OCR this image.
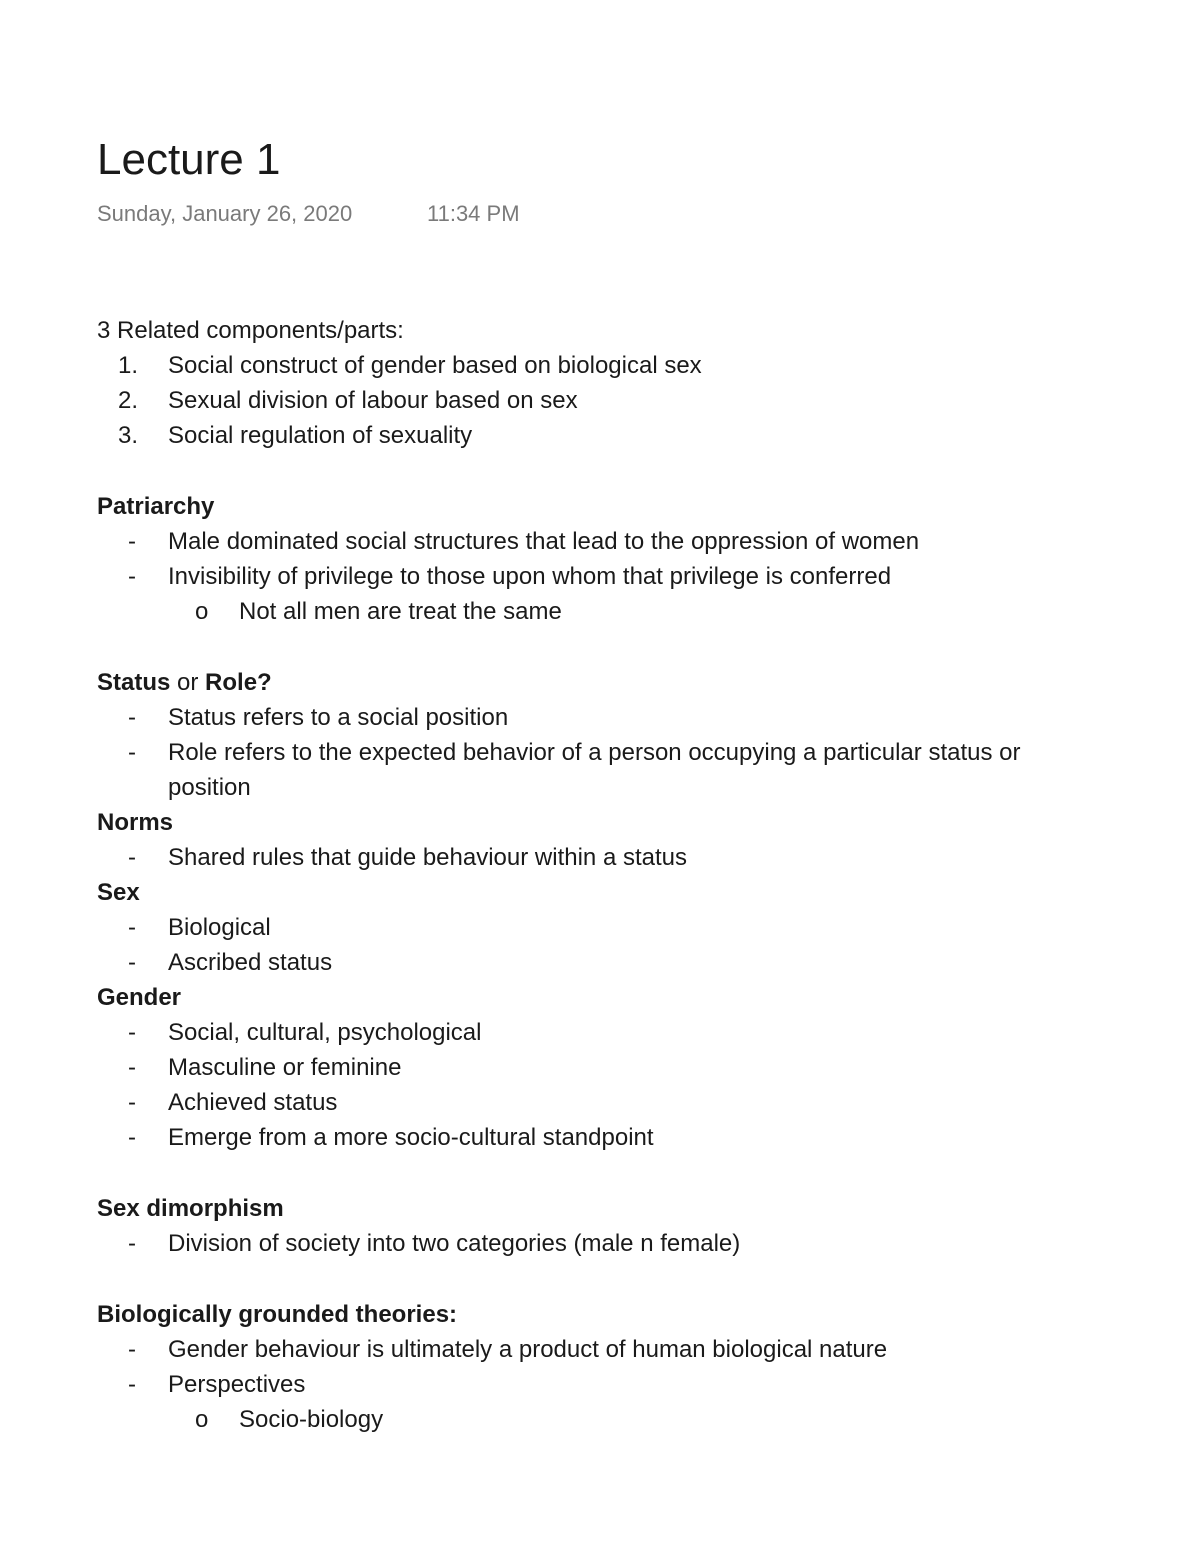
Lecture 1
Sunday, January 26, 2020	11:34 PM
3 Related components/parts:
1. Social construct of gender based on biological sex
2. Sexual division of labour based on sex
3. Social regulation of sexuality
Patriarchy
- Male dominated social structures that lead to the oppression of women
- Invisibility of privilege to those upon whom that privilege is conferred
o Not all men are treat the same
Status or Role?
- Status refers to a social position
- Role refers to the expected behavior of a person occupying a particular status or
position
Norms
- Shared rules that guide behaviour within a status
Sex
- Biological
- Ascribed status
Gender
- Social, cultural, psychological
- Masculine or feminine
- Achieved status
- Emerge from a more socio-cultural standpoint
Sex dimorphism
- Division of society into two categories (male n female)
Biologically grounded theories:
- Gender behaviour is ultimately a product of human biological nature
- Perspectives
o Socio-biology
